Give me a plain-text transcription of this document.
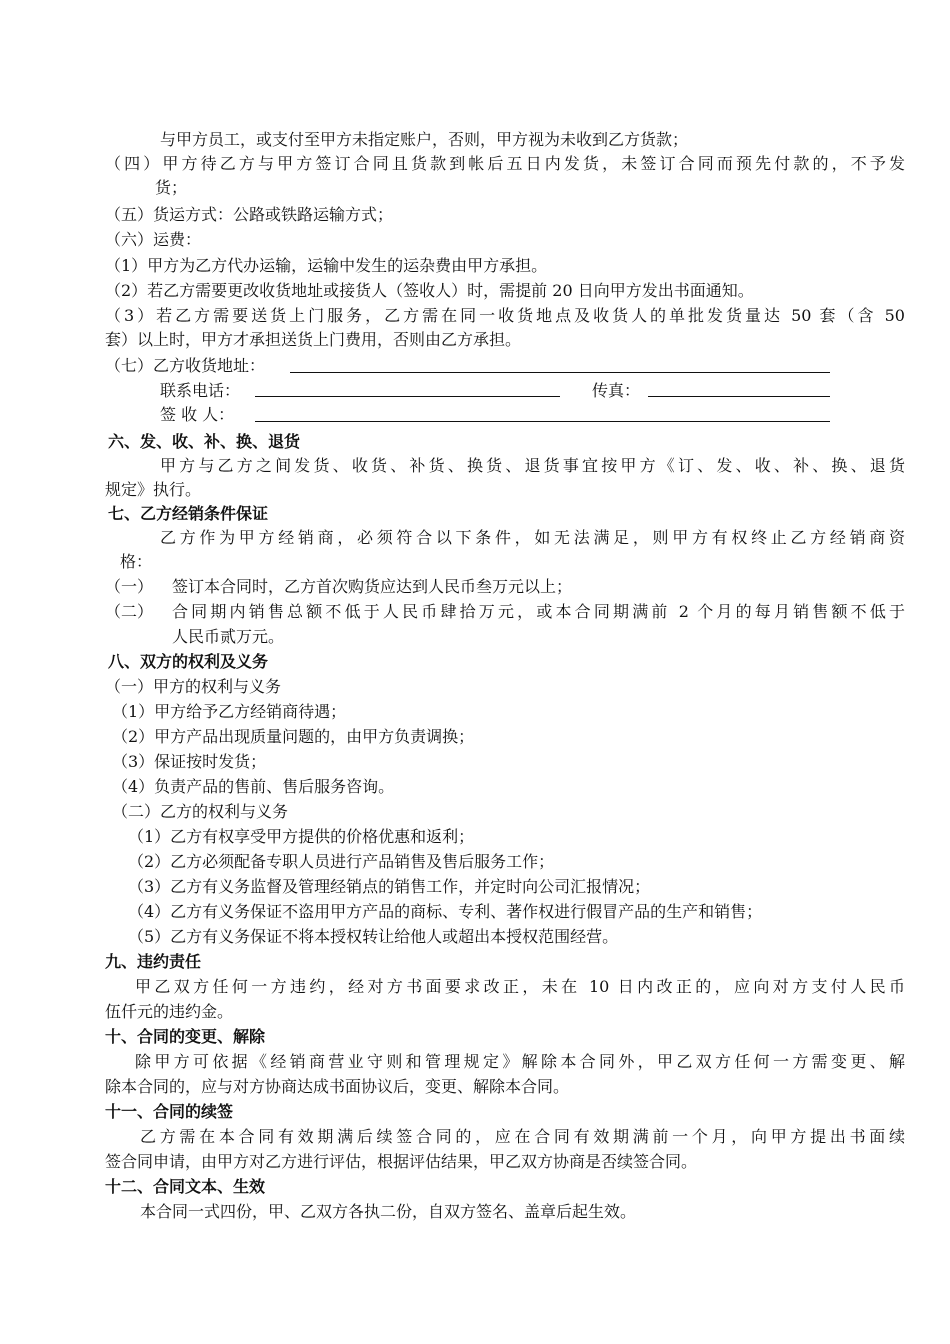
与甲方员工，或支付至甲方未指定账户，否则，甲方视为未收到乙方货款；
（四）甲方待乙方与甲方签订合同且货款到帐后五日内发货，未签订合同而预先付款的，不予发
货；
（五）货运方式：公路或铁路运输方式；
（六）运费：
（1）甲方为乙方代办运输，运输中发生的运杂费由甲方承担。
（2）若乙方需要更改收货地址或接货人（签收人）时，需提前 20 日向甲方发出书面通知。
（3）若乙方需要送货上门服务，乙方需在同一收货地点及收货人的单批发货量达 50 套（含 50
套）以上时，甲方才承担送货上门费用，否则由乙方承担。
（七）乙方收货地址：
联系电话：	传真：
签 收 人：
六、发、收、补、换、退货
甲方与乙方之间发货、收货、补货、换货、退货事宜按甲方《订、发、收、补、换、退货
规定》执行。
七、乙方经销条件保证
乙方作为甲方经销商，必须符合以下条件，如无法满足，则甲方有权终止乙方经销商资
格：
（一） 签订本合同时，乙方首次购货应达到人民币叁万元以上；
（二） 合同期内销售总额不低于人民币肆拾万元，或本合同期满前 2 个月的每月销售额不低于
人民币贰万元。
八、双方的权利及义务
（一）甲方的权利与义务
（1）甲方给予乙方经销商待遇；
（2）甲方产品出现质量问题的，由甲方负责调换；
（3）保证按时发货；
（4）负责产品的售前、售后服务咨询。
（二）乙方的权利与义务
（1）乙方有权享受甲方提供的价格优惠和返利；
（2）乙方必须配备专职人员进行产品销售及售后服务工作；
（3）乙方有义务监督及管理经销点的销售工作，并定时向公司汇报情况；
（4）乙方有义务保证不盗用甲方产品的商标、专利、著作权进行假冒产品的生产和销售；
（5）乙方有义务保证不将本授权转让给他人或超出本授权范围经营。
九、违约责任
甲乙双方任何一方违约，经对方书面要求改正，未在 10 日内改正的，应向对方支付人民币
伍仟元的违约金。
十、合同的变更、解除
除甲方可依据《经销商营业守则和管理规定》解除本合同外，甲乙双方任何一方需变更、解
除本合同的，应与对方协商达成书面协议后，变更、解除本合同。
十一、合同的续签
乙方需在本合同有效期满后续签合同的，应在合同有效期满前一个月，向甲方提出书面续
签合同申请，由甲方对乙方进行评估，根据评估结果，甲乙双方协商是否续签合同。
十二、合同文本、生效
本合同一式四份，甲、乙双方各执二份，自双方签名、盖章后起生效。
